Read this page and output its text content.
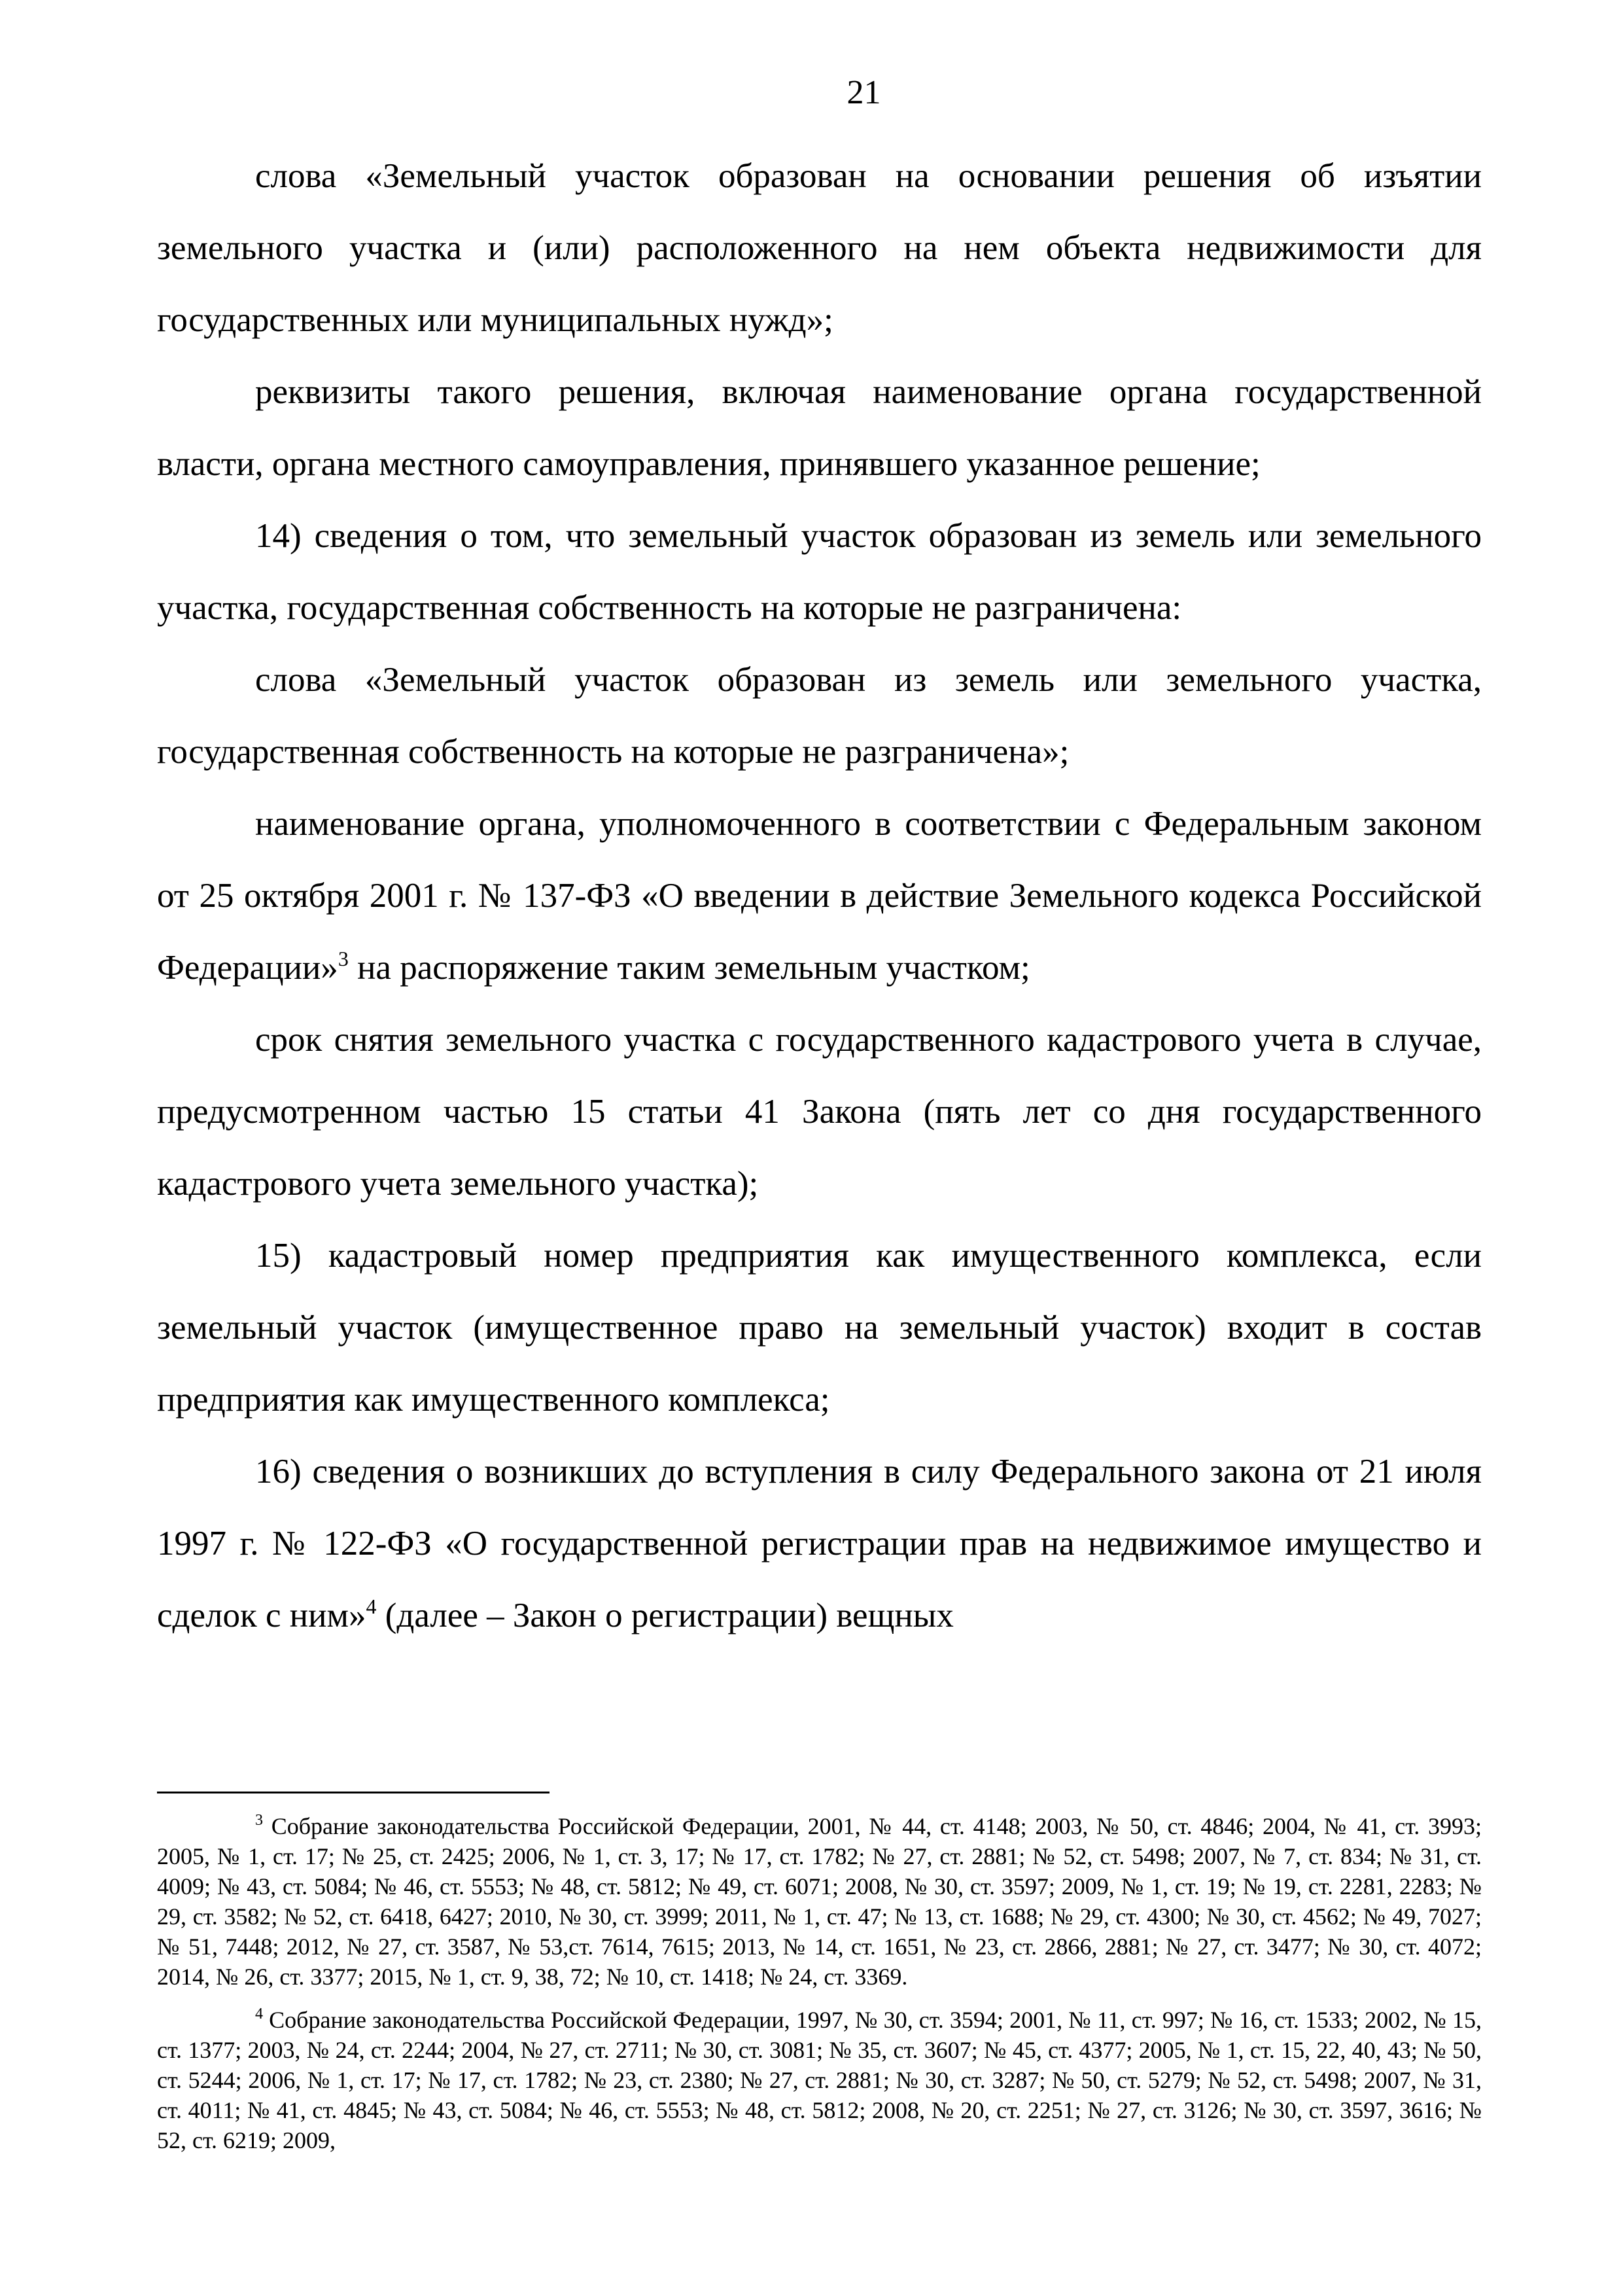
21

слова «Земельный участок образован на основании решения об изъятии земельного участка и (или) расположенного на нем объекта недвижимости для государственных или муниципальных нужд»;

реквизиты такого решения, включая наименование органа государственной власти, органа местного самоуправления, принявшего указанное решение;

14) сведения о том, что земельный участок образован из земель или земельного участка, государственная собственность на которые не разграничена:

слова «Земельный участок образован из земель или земельного участка, государственная собственность на которые не разграничена»;

наименование органа, уполномоченного в соответствии с Федеральным законом от 25 октября 2001 г. № 137-ФЗ «О введении в действие Земельного кодекса Российской Федерации»$^3$ на распоряжение таким земельным участком;

срок снятия земельного участка с государственного кадастрового учета в случае, предусмотренном частью 15 статьи 41 Закона (пять лет со дня государственного кадастрового учета земельного участка);

15) кадастровый номер предприятия как имущественного комплекса, если земельный участок (имущественное право на земельный участок) входит в состав предприятия как имущественного комплекса;

16) сведения о возникших до вступления в силу Федерального закона от 21 июля 1997 г. № 122-ФЗ «О государственной регистрации прав на недвижимое имущество и сделок с ним»$^4$ (далее – Закон о регистрации) вещных

$^3$ Собрание законодательства Российской Федерации, 2001, № 44, ст. 4148; 2003, № 50, ст. 4846; 2004, № 41, ст. 3993; 2005, № 1, ст. 17; № 25, ст. 2425; 2006, № 1, ст. 3, 17; № 17, ст. 1782; № 27, ст. 2881; № 52, ст. 5498; 2007, № 7, ст. 834; № 31, ст. 4009; № 43, ст. 5084; № 46, ст. 5553; № 48, ст. 5812; № 49, ст. 6071; 2008, № 30, ст. 3597; 2009, № 1, ст. 19; № 19, ст. 2281, 2283; № 29, ст. 3582; № 52, ст. 6418, 6427; 2010, № 30, ст. 3999; 2011, № 1, ст. 47; № 13, ст. 1688; № 29, ст. 4300; № 30, ст. 4562; № 49, 7027; № 51, 7448; 2012, № 27, ст. 3587, № 53,ст. 7614, 7615; 2013, № 14, ст. 1651, № 23, ст. 2866, 2881; № 27, ст. 3477; № 30, ст. 4072; 2014, № 26, ст. 3377; 2015, № 1, ст. 9, 38, 72; № 10, ст. 1418; № 24, ст. 3369.

$^4$ Собрание законодательства Российской Федерации, 1997, № 30, ст. 3594; 2001, № 11, ст. 997; № 16, ст. 1533; 2002, № 15, ст. 1377; 2003, № 24, ст. 2244; 2004, № 27, ст. 2711; № 30, ст. 3081; № 35, ст. 3607; № 45, ст. 4377; 2005, № 1, ст. 15, 22, 40, 43; № 50, ст. 5244; 2006, № 1, ст. 17; № 17, ст. 1782; № 23, ст. 2380; № 27, ст. 2881; № 30, ст. 3287; № 50, ст. 5279; № 52, ст. 5498; 2007, № 31, ст. 4011; № 41, ст. 4845; № 43, ст. 5084; № 46, ст. 5553; № 48, ст. 5812; 2008, № 20, ст. 2251; № 27, ст. 3126; № 30, ст. 3597, 3616; № 52, ст. 6219; 2009,
